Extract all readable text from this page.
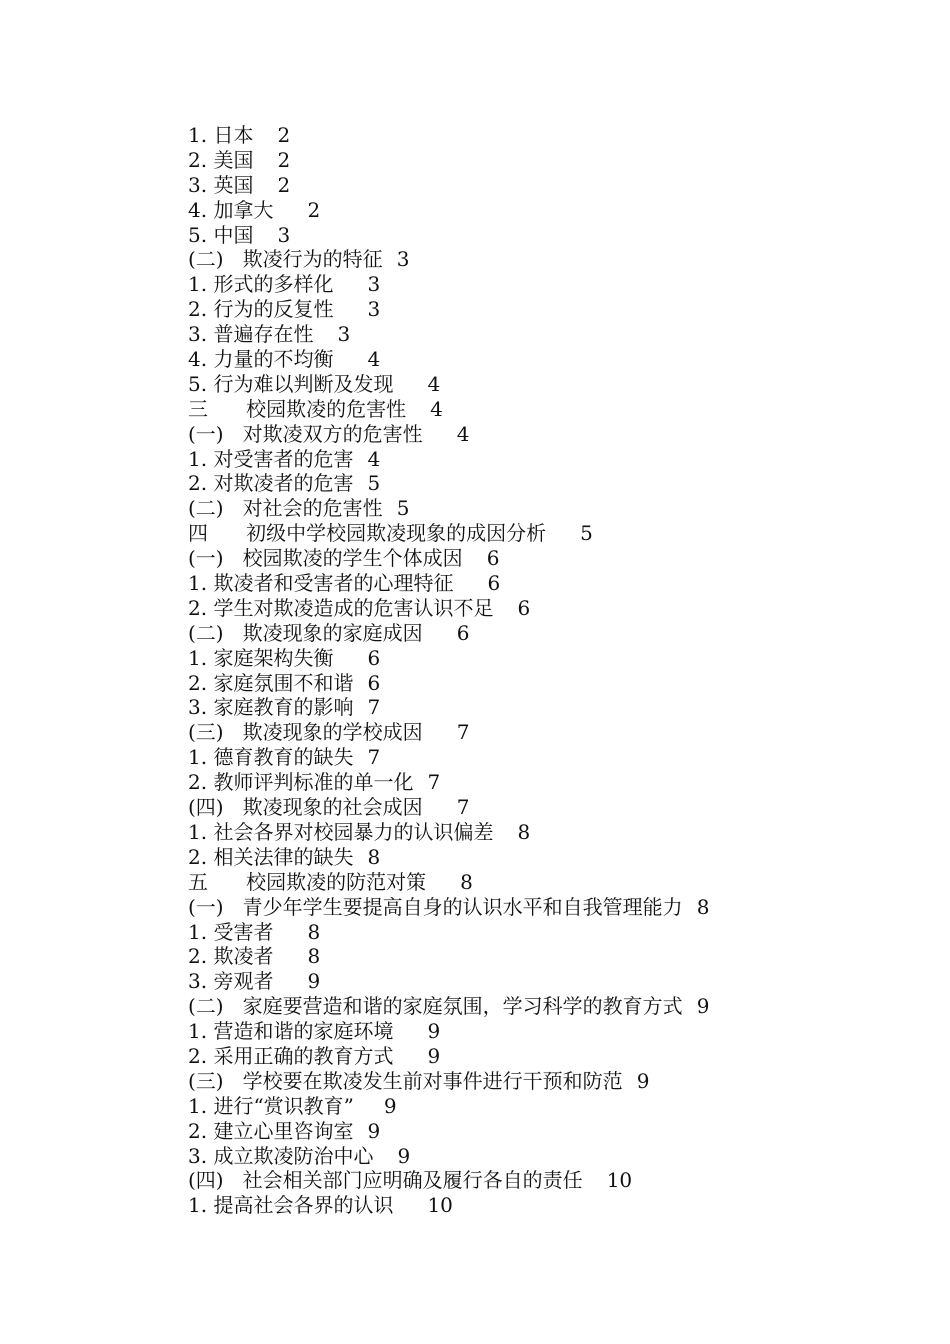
1. 日本 2
2. 美国 2
3. 英国 2
4. 加拿大 2
5. 中国 3
(二)   欺凌行为的特征 3
1. 形式的多样化 3
2. 行为的反复性 3
3. 普遍存在性 3
4. 力量的不均衡 4
5. 行为难以判断及发现 4
三      校园欺凌的危害性 4
(一)   对欺凌双方的危害性 4
1. 对受害者的危害 4
2. 对欺凌者的危害 5
(二)   对社会的危害性 5
四      初级中学校园欺凌现象的成因分析 5
(一)   校园欺凌的学生个体成因 6
1. 欺凌者和受害者的心理特征 6
2. 学生对欺凌造成的危害认识不足 6
(二)   欺凌现象的家庭成因 6
1. 家庭架构失衡 6
2. 家庭氛围不和谐 6
3. 家庭教育的影响 7
(三)   欺凌现象的学校成因 7
1. 德育教育的缺失 7
2. 教师评判标准的单一化 7
(四)   欺凌现象的社会成因 7
1. 社会各界对校园暴力的认识偏差 8
2. 相关法律的缺失 8
五      校园欺凌的防范对策 8
(一)   青少年学生要提高自身的认识水平和自我管理能力 8
1. 受害者 8
2. 欺凌者 8
3. 旁观者 9
(二)   家庭要营造和谐的家庭氛围，学习科学的教育方式 9
1. 营造和谐的家庭环境 9
2. 采用正确的教育方式 9
(三)   学校要在欺凌发生前对事件进行干预和防范 9
1. 进行“赏识教育” 9
2. 建立心里咨询室 9
3. 成立欺凌防治中心 9
(四)   社会相关部门应明确及履行各自的责任 10
1. 提高社会各界的认识 10
